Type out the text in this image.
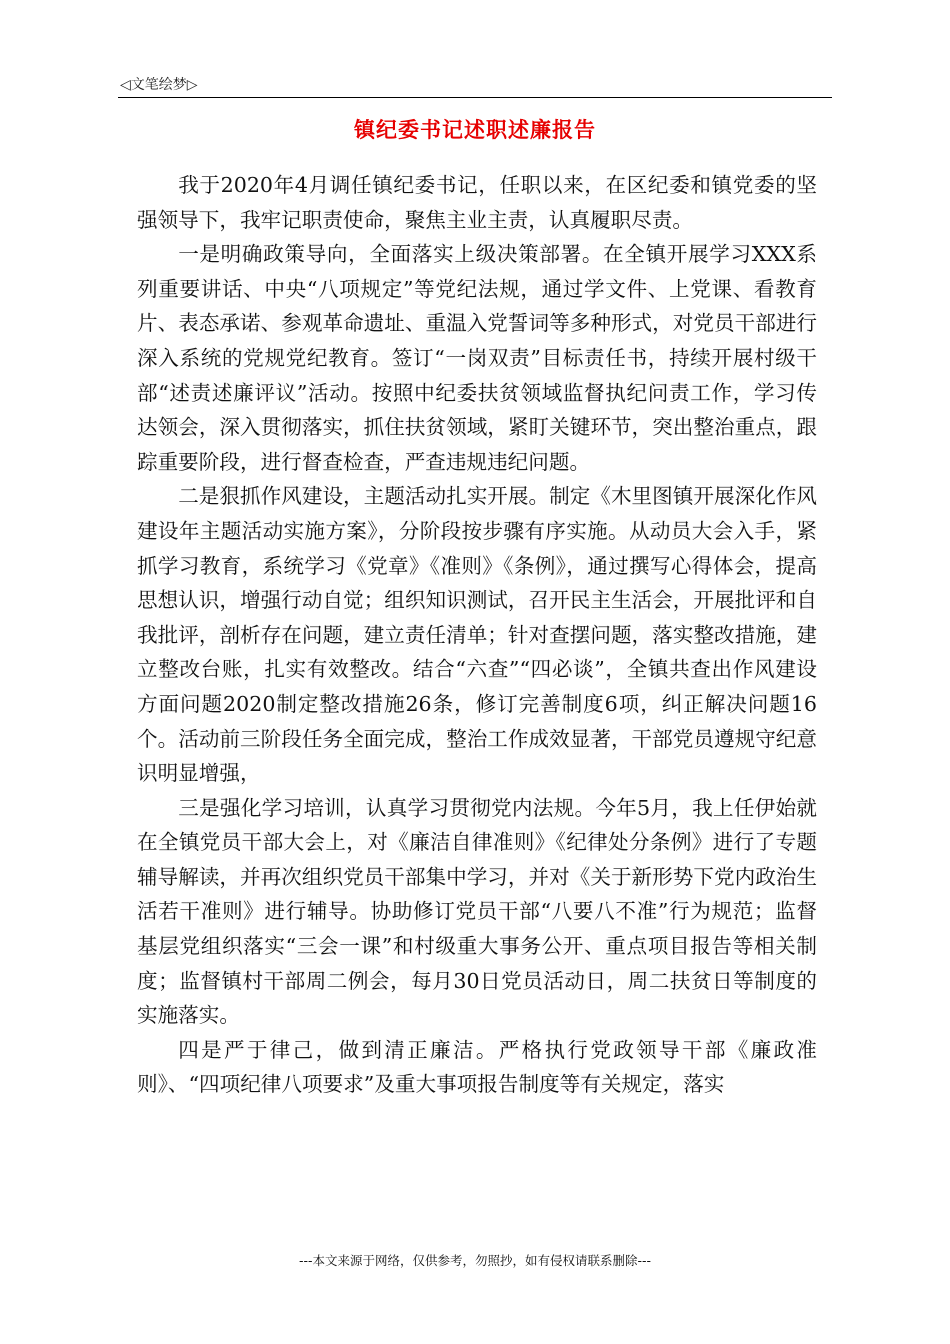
◁文笔绘梦▷
镇纪委书记述职述廉报告

我于2020年4月调任镇纪委书记，任职以来，在区纪委和镇党委的坚强领导下，我牢记职责使命，聚焦主业主责，认真履职尽责。

一是明确政策导向，全面落实上级决策部署。在全镇开展学习XXX系列重要讲话、中央“八项规定”等党纪法规，通过学文件、上党课、看教育片、表态承诺、参观革命遗址、重温入党誓词等多种形式，对党员干部进行深入系统的党规党纪教育。签订“一岗双责”目标责任书，持续开展村级干部“述责述廉评议”活动。按照中纪委扶贫领域监督执纪问责工作，学习传达领会，深入贯彻落实，抓住扶贫领域，紧盯关键环节，突出整治重点，跟踪重要阶段，进行督查检查，严查违规违纪问题。

二是狠抓作风建设，主题活动扎实开展。制定《木里图镇开展深化作风建设年主题活动实施方案》，分阶段按步骤有序实施。从动员大会入手，紧抓学习教育，系统学习《党章》《准则》《条例》，通过撰写心得体会，提高思想认识，增强行动自觉；组织知识测试，召开民主生活会，开展批评和自我批评，剖析存在问题，建立责任清单；针对查摆问题，落实整改措施，建立整改台账，扎实有效整改。结合“六查”“四必谈”，全镇共查出作风建设方面问题2020制定整改措施26条，修订完善制度6项，纠正解决问题16个。活动前三阶段任务全面完成，整治工作成效显著，干部党员遵规守纪意识明显增强，

三是强化学习培训，认真学习贯彻党内法规。今年5月，我上任伊始就在全镇党员干部大会上，对《廉洁自律准则》《纪律处分条例》进行了专题辅导解读，并再次组织党员干部集中学习，并对《关于新形势下党内政治生活若干准则》进行辅导。协助修订党员干部“八要八不准”行为规范；监督基层党组织落实“三会一课”和村级重大事务公开、重点项目报告等相关制度；监督镇村干部周二例会，每月30日党员活动日，周二扶贫日等制度的实施落实。

四是严于律己，做到清正廉洁。严格执行党政领导干部《廉政准则》、“四项纪律八项要求”及重大事项报告制度等有关规定，落实

---本文来源于网络，仅供参考，勿照抄，如有侵权请联系删除---
